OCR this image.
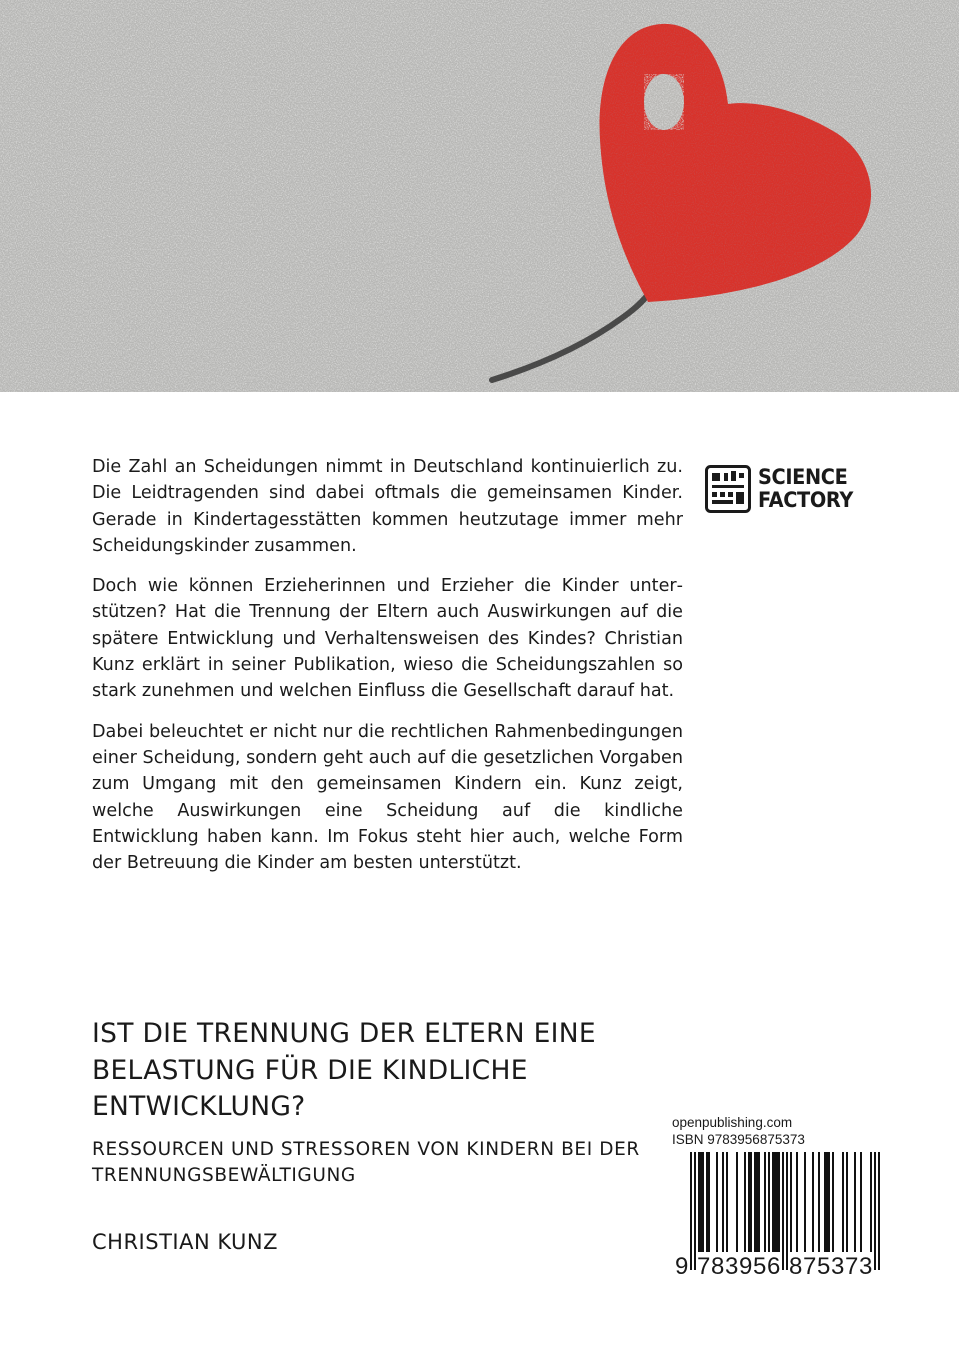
Die Zahl an Scheidungen nimmt in Deutschland kontinuierlich zu. Die Leidtragenden sind dabei oftmals die gemeinsamen Kinder. Gerade in Kindertagesstätten kommen heutzutage immer mehr Scheidungskinder zusammen.

Doch wie können Erzieherinnen und Erzieher die Kinder unterstützen? Hat die Trennung der Eltern auch Auswirkungen auf die spätere Entwicklung und Verhaltensweisen des Kindes? Christian Kunz erklärt in seiner Publikation, wieso die Scheidungszahlen so stark zunehmen und welchen Einfluss die Gesellschaft darauf hat.

Dabei beleuchtet er nicht nur die rechtlichen Rahmenbedingungen einer Scheidung, sondern geht auch auf die gesetzlichen Vorgaben zum Umgang mit den gemeinsamen Kindern ein. Kunz zeigt, welche Auswirkungen eine Scheidung auf die kindliche Entwicklung haben kann. Im Fokus steht hier auch, welche Form der Betreuung die Kinder am besten unterstützt.

SCIENCE
FACTORY
IST DIE TRENNUNG DER ELTERN EINE BELASTUNG FÜR DIE KINDLICHE ENTWICKLUNG?
RESSOURCEN UND STRESSOREN VON KINDERN BEI DER TRENNUNGSBEWÄLTIGUNG
CHRISTIAN KUNZ
openpublishing.com
ISBN 9783956875373
9 7 8 3 9 5 6 8 7 5 3 7 3
